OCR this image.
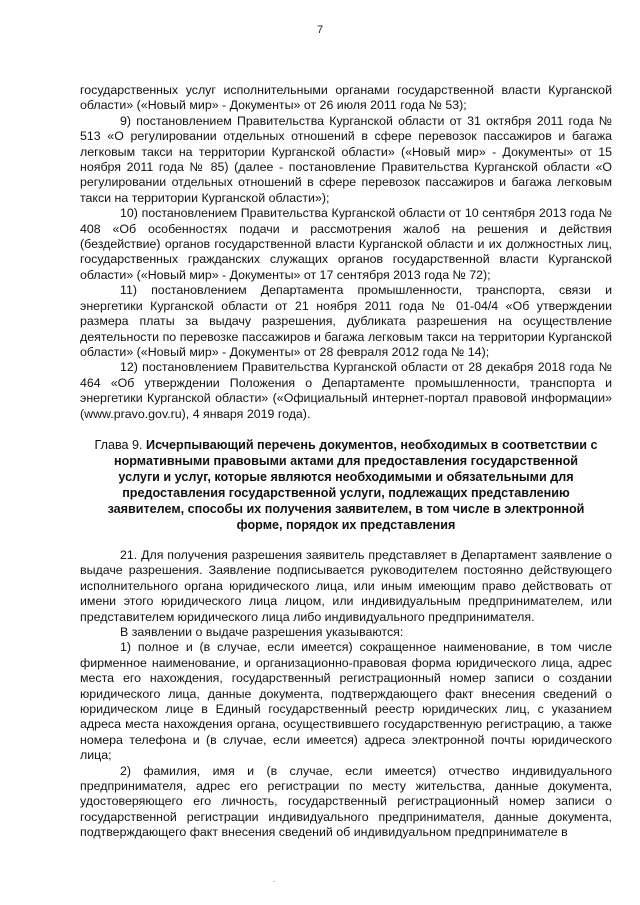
7

государственных услуг исполнительными органами государственной власти Курганской области» («Новый мир» - Документы» от 26 июля 2011 года № 53);

9) постановлением Правительства Курганской области от 31 октября 2011 года № 513 «О регулировании отдельных отношений в сфере перевозок пассажиров и багажа легковым такси на территории Курганской области» («Новый мир» - Документы» от 15 ноября 2011 года № 85) (далее - постановление Правительства Курганской области «О регулировании отдельных отношений в сфере перевозок пассажиров и багажа легковым такси на территории Курганской области»);

10) постановлением Правительства Курганской области от 10 сентября 2013 года № 408 «Об особенностях подачи и рассмотрения жалоб на решения и действия (бездействие) органов государственной власти Курганской области и их должностных лиц, государственных гражданских служащих органов государственной власти Курганской области» («Новый мир» - Документы» от 17 сентября 2013 года № 72);

11) постановлением Департамента промышленности, транспорта, связи и энергетики Курганской области от 21 ноября 2011 года № 01-04/4 «Об утверждении размера платы за выдачу разрешения, дубликата разрешения на осуществление деятельности по перевозке пассажиров и багажа легковым такси на территории Курганской области» («Новый мир» - Документы» от 28 февраля 2012 года № 14);

12) постановлением Правительства Курганской области от 28 декабря 2018 года № 464 «Об утверждении Положения о Департаменте промышленности, транспорта и энергетики Курганской области» («Официальный интернет-портал правовой информации» (www.pravo.gov.ru), 4 января 2019 года).

Глава 9. Исчерпывающий перечень документов, необходимых в соответствии с нормативными правовыми актами для предоставления государственной услуги и услуг, которые являются необходимыми и обязательными для предоставления государственной услуги, подлежащих представлению заявителем, способы их получения заявителем, в том числе в электронной форме, порядок их представления

21. Для получения разрешения заявитель представляет в Департамент заявление о выдаче разрешения. Заявление подписывается руководителем постоянно действующего исполнительного органа юридического лица, или иным имеющим право действовать от имени этого юридического лица лицом, или индивидуальным предпринимателем, или представителем юридического лица либо индивидуального предпринимателя.

В заявлении о выдаче разрешения указываются:

1) полное и (в случае, если имеется) сокращенное наименование, в том числе фирменное наименование, и организационно-правовая форма юридического лица, адрес места его нахождения, государственный регистрационный номер записи о создании юридического лица, данные документа, подтверждающего факт внесения сведений о юридическом лице в Единый государственный реестр юридических лиц, с указанием адреса места нахождения органа, осуществившего государственную регистрацию, а также номера телефона и (в случае, если имеется) адреса электронной почты юридического лица;

2) фамилия, имя и (в случае, если имеется) отчество индивидуального предпринимателя, адрес его регистрации по месту жительства, данные документа, удостоверяющего его личность, государственный регистрационный номер записи о государственной регистрации индивидуального предпринимателя, данные документа, подтверждающего факт внесения сведений об индивидуальном предпринимателе в

.
